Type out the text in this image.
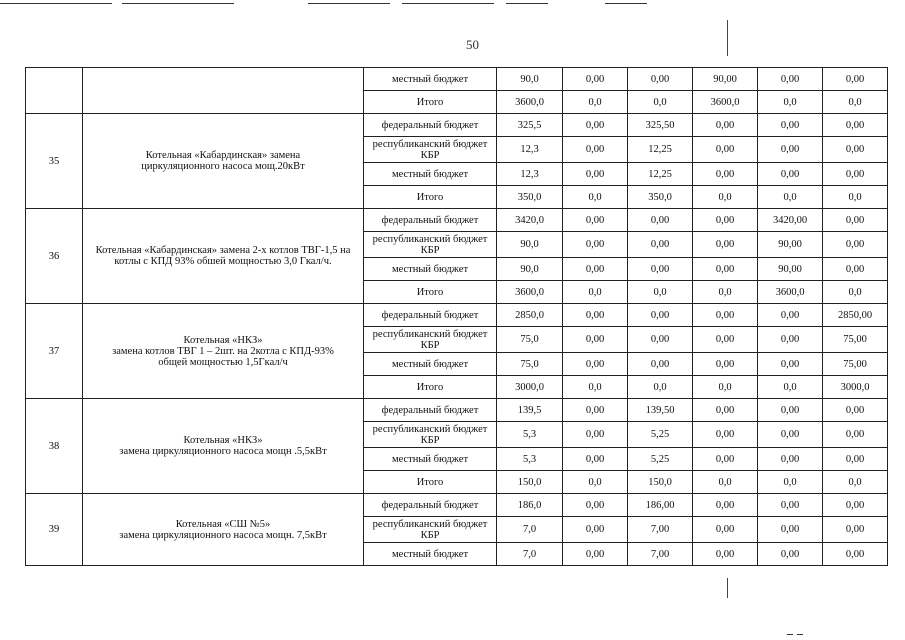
50

	местный бюджет	90,0	0,00	0,00	90,00	0,00	0,00
		Итого	3600,0	0,0	0,0	3600,0	0,0	0,0
35	Котельная «Кабардинская» замена
циркуляционного насоса мощ.20кВт	федеральный бюджет	325,5	0,00	325,50	0,00	0,00	0,00
		республиканский бюджет КБР	12,3	0,00	12,25	0,00	0,00	0,00
		местный бюджет	12,3	0,00	12,25	0,00	0,00	0,00
		Итого	350,0	0,0	350,0	0,0	0,0	0,0
36	Котельная «Кабардинская» замена 2-х котлов ТВГ-1,5 на котлы с КПД 93% обшей мощностью 3,0 Гкал/ч.	федеральный бюджет	3420,0	0,00	0,00	0,00	3420,00	0,00
		республиканский бюджет КБР	90,0	0,00	0,00	0,00	90,00	0,00
		местный бюджет	90,0	0,00	0,00	0,00	90,00	0,00
		Итого	3600,0	0,0	0,0	0,0	3600,0	0,0
37	Котельная «НКЗ»
замена котлов ТВГ 1 – 2шт. на 2котла с КПД-93%
общей мощностью 1,5Гкал/ч	федеральный бюджет	2850,0	0,00	0,00	0,00	0,00	2850,00
		республиканский бюджет КБР	75,0	0,00	0,00	0,00	0,00	75,00
		местный бюджет	75,0	0,00	0,00	0,00	0,00	75,00
		Итого	3000,0	0,0	0,0	0,0	0,0	3000,0
38	Котельная «НКЗ»
замена циркуляционного насоса мощн .5,5кВт	федеральный бюджет	139,5	0,00	139,50	0,00	0,00	0,00
		республиканский бюджет КБР	5,3	0,00	5,25	0,00	0,00	0,00
		местный бюджет	5,3	0,00	5,25	0,00	0,00	0,00
		Итого	150,0	0,0	150,0	0,0	0,0	0,0
39	Котельная «СШ №5»
замена циркуляционного насоса мощн. 7,5кВт	федеральный бюджет	186,0	0,00	186,00	0,00	0,00	0,00
		республиканский бюджет КБР	7,0	0,00	7,00	0,00	0,00	0,00
		местный бюджет	7,0	0,00	7,00	0,00	0,00	0,00
